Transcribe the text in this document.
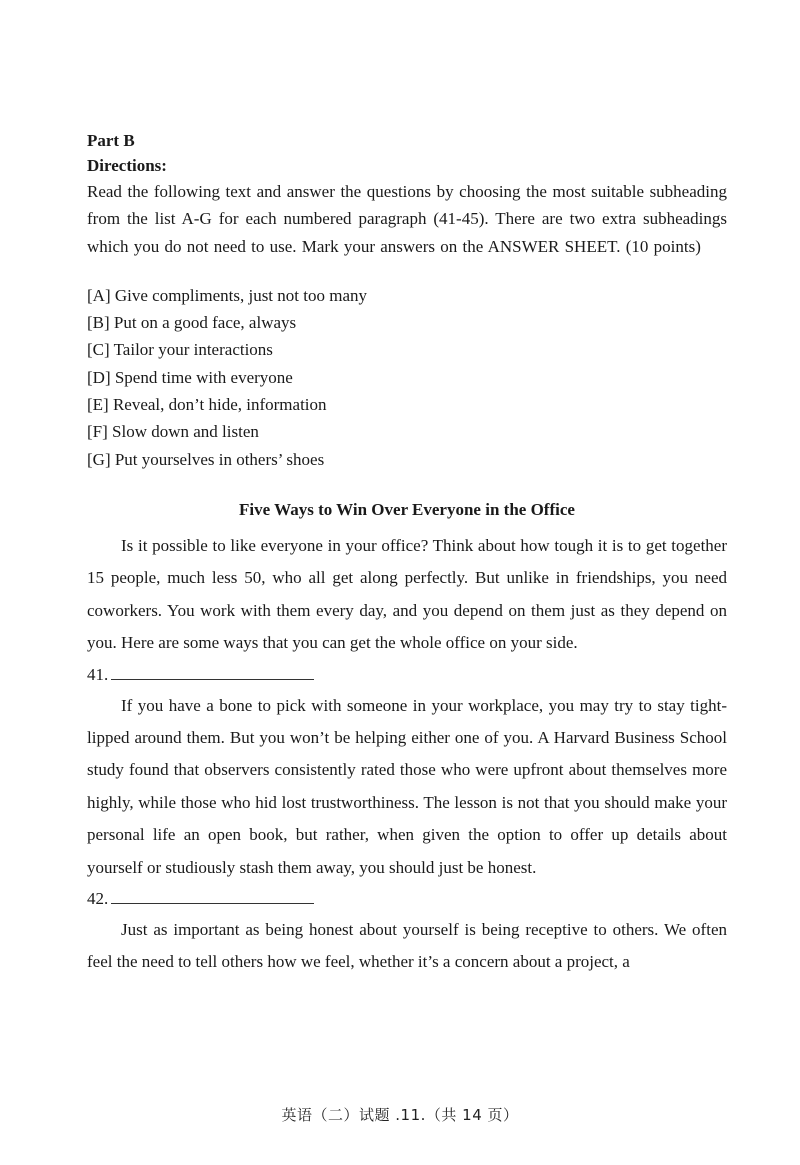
Part B

Directions:

Read the following text and answer the questions by choosing the most suitable subheading from the list A-G for each numbered paragraph (41-45). There are two extra subheadings which you do not need to use. Mark your answers on the ANSWER SHEET. (10 points)

[A] Give compliments, just not too many
[B] Put on a good face, always
[C] Tailor your interactions
[D] Spend time with everyone
[E] Reveal, don’t hide, information
[F] Slow down and listen
[G] Put yourselves in others’ shoes

Five Ways to Win Over Everyone in the Office

Is it possible to like everyone in your office? Think about how tough it is to get together 15 people, much less 50, who all get along perfectly. But unlike in friendships, you need coworkers. You work with them every day, and you depend on them just as they depend on you. Here are some ways that you can get the whole office on your side.

41.

If you have a bone to pick with someone in your workplace, you may try to stay tight-lipped around them. But you won’t be helping either one of you. A Harvard Business School study found that observers consistently rated those who were upfront about themselves more highly, while those who hid lost trustworthiness. The lesson is not that you should make your personal life an open book, but rather, when given the option to offer up details about yourself or studiously stash them away, you should just be honest.

42.

Just as important as being honest about yourself is being receptive to others. We often feel the need to tell others how we feel, whether it’s a concern about a project, a

英语（二）试题 .11.（共 14 页）
